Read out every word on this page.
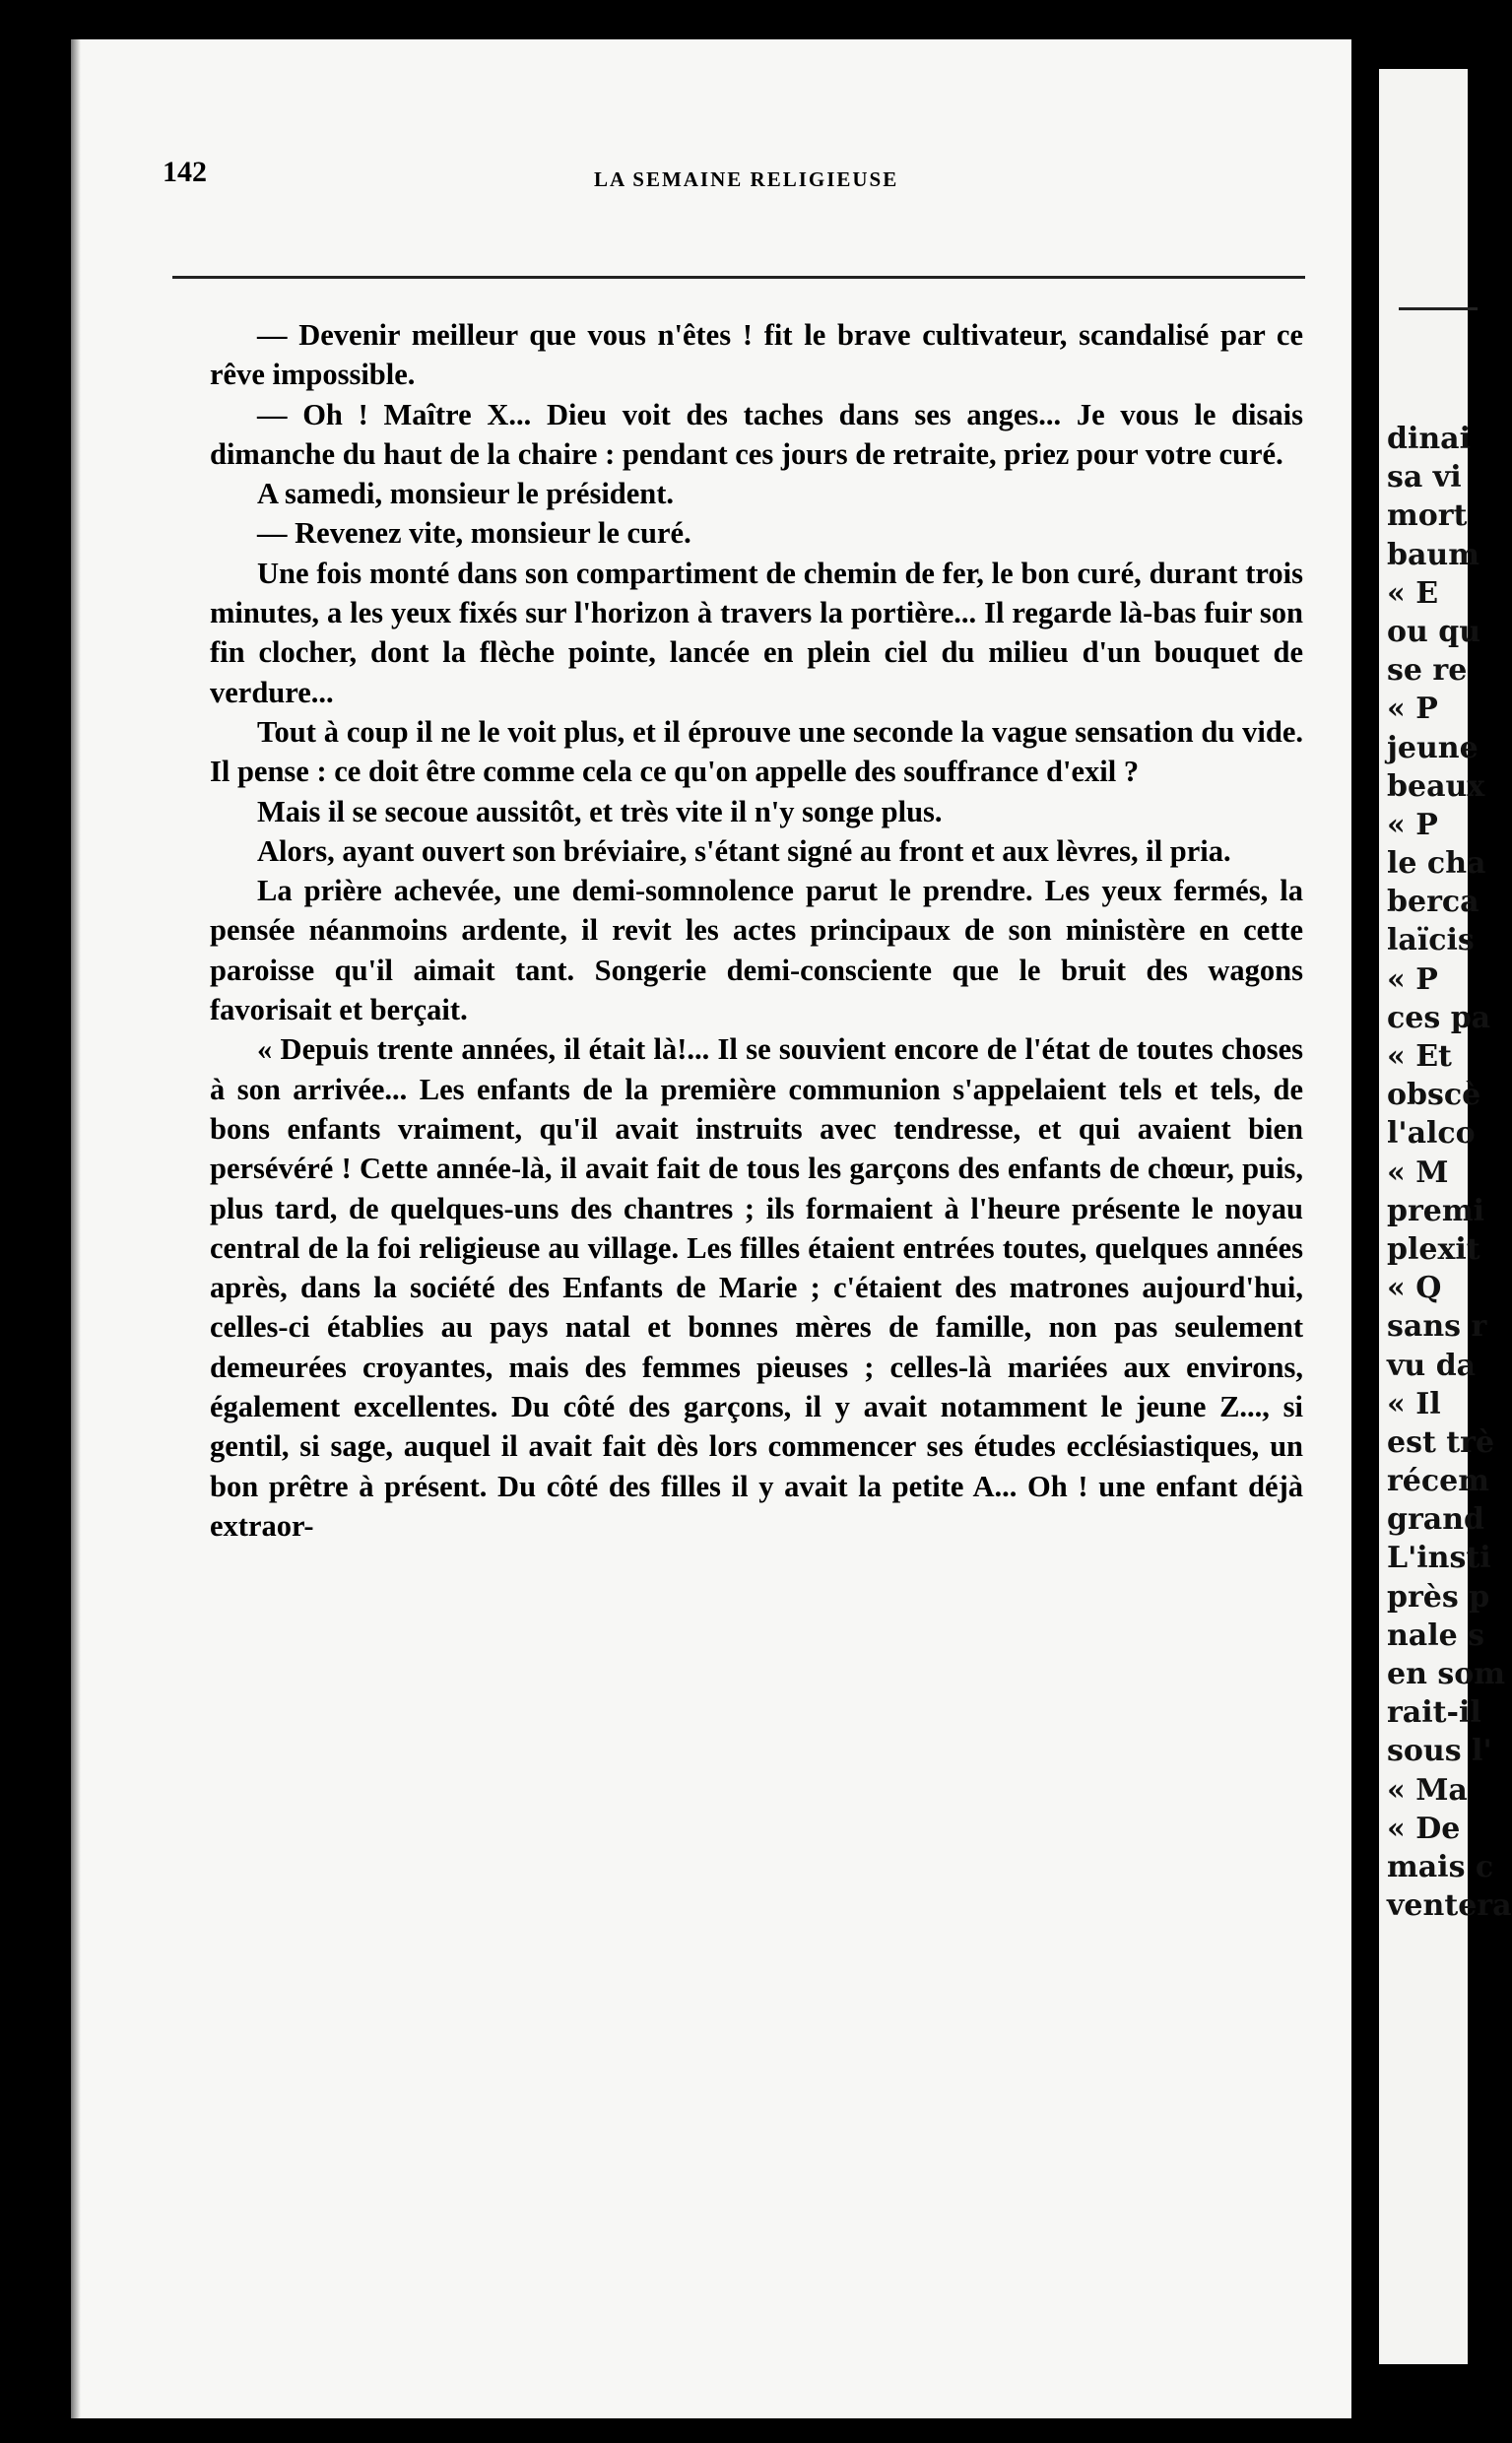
142	LA SEMAINE RELIGIEUSE

— Devenir meilleur que vous n'êtes ! fit le brave cultivateur, scandalisé par ce rêve impossible.

— Oh ! Maître X... Dieu voit des taches dans ses anges... Je vous le disais dimanche du haut de la chaire : pendant ces jours de retraite, priez pour votre curé.

A samedi, monsieur le président.

— Revenez vite, monsieur le curé.

Une fois monté dans son compartiment de chemin de fer, le bon curé, durant trois minutes, a les yeux fixés sur l'horizon à travers la portière... Il regarde là-bas fuir son fin clocher, dont la flèche pointe, lancée en plein ciel du milieu d'un bouquet de verdure...

Tout à coup il ne le voit plus, et il éprouve une seconde la vague sensation du vide. Il pense : ce doit être comme cela ce qu'on appelle des souffrance d'exil ?

Mais il se secoue aussitôt, et très vite il n'y songe plus.

Alors, ayant ouvert son bréviaire, s'étant signé au front et aux lèvres, il pria.

La prière achevée, une demi-somnolence parut le prendre. Les yeux fermés, la pensée néanmoins ardente, il revit les actes principaux de son ministère en cette paroisse qu'il aimait tant. Songerie demi-consciente que le bruit des wagons favorisait et berçait.

« Depuis trente années, il était là!... Il se souvient encore de l'état de toutes choses à son arrivée... Les enfants de la première communion s'appelaient tels et tels, de bons enfants vraiment, qu'il avait instruits avec tendresse, et qui avaient bien persévéré ! Cette année-là, il avait fait de tous les garçons des enfants de chœur, puis, plus tard, de quelques-uns des chantres ; ils formaient à l'heure présente le noyau central de la foi religieuse au village. Les filles étaient entrées toutes, quelques années après, dans la société des Enfants de Marie ; c'étaient des matrones aujourd'hui, celles-ci établies au pays natal et bonnes mères de famille, non pas seulement demeurées croyantes, mais des femmes pieuses ; celles-là mariées aux environs, également excellentes. Du côté des garçons, il y avait notamment le jeune Z..., si gentil, si sage, auquel il avait fait dès lors commencer ses études ecclésiastiques, un bon prêtre à présent. Du côté des filles il y avait la petite A... Oh ! une enfant déjà extraor-

dinai
sa vi
mort
baum
« E
ou qu
se re
« P
jeune
beaux
« P
le cha
berca
laïcis
« P
ces pa
« Et
obscè
l'alco
« M
premi
plexit
« Q
sans r
vu da
« Il
est trè
récem
grand
L'insti
près p
nale s
en som
rait-il
sous l'
« Ma
« De
mais c
ventera
